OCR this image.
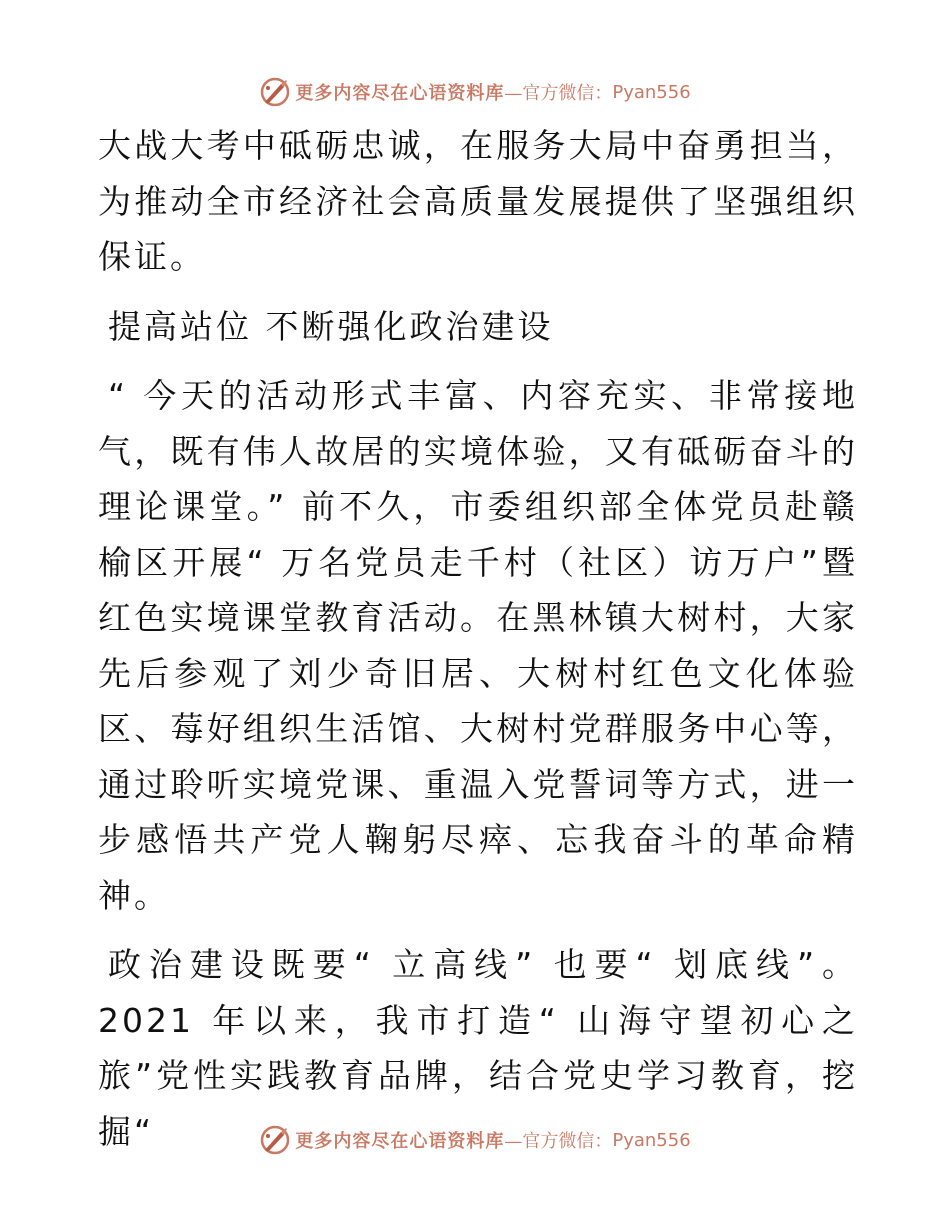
更多内容尽在心语资料库 —官方微信： Pyan556

大战大考中砥砺忠诚，在服务大局中奋勇担当，为推动全市经济社会高质量发展提供了坚强组织保证。

提高站位 不断强化政治建设

“ 今天的活动形式丰富、内容充实、非常接地气，既有伟人故居的实境体验，又有砥砺奋斗的理论课堂。” 前不久，市委组织部全体党员赴赣榆区开展“ 万名党员走千村（社区）访万户”暨红色实境课堂教育活动。在黑林镇大树村，大家先后参观了刘少奇旧居、大树村红色文化体验区、莓好组织生活馆、大树村党群服务中心等，通过聆听实境党课、重温入党誓词等方式，进一步感悟共产党人鞠躬尽瘁、忘我奋斗的革命精神。

政治建设既要“ 立高线” 也要“ 划底线”。2021 年以来，我市打造“ 山海守望初心之旅”党性实践教育品牌，结合党史学习教育，挖掘“	更多内容尽在心语资料库 —官方微信： Pyan556
